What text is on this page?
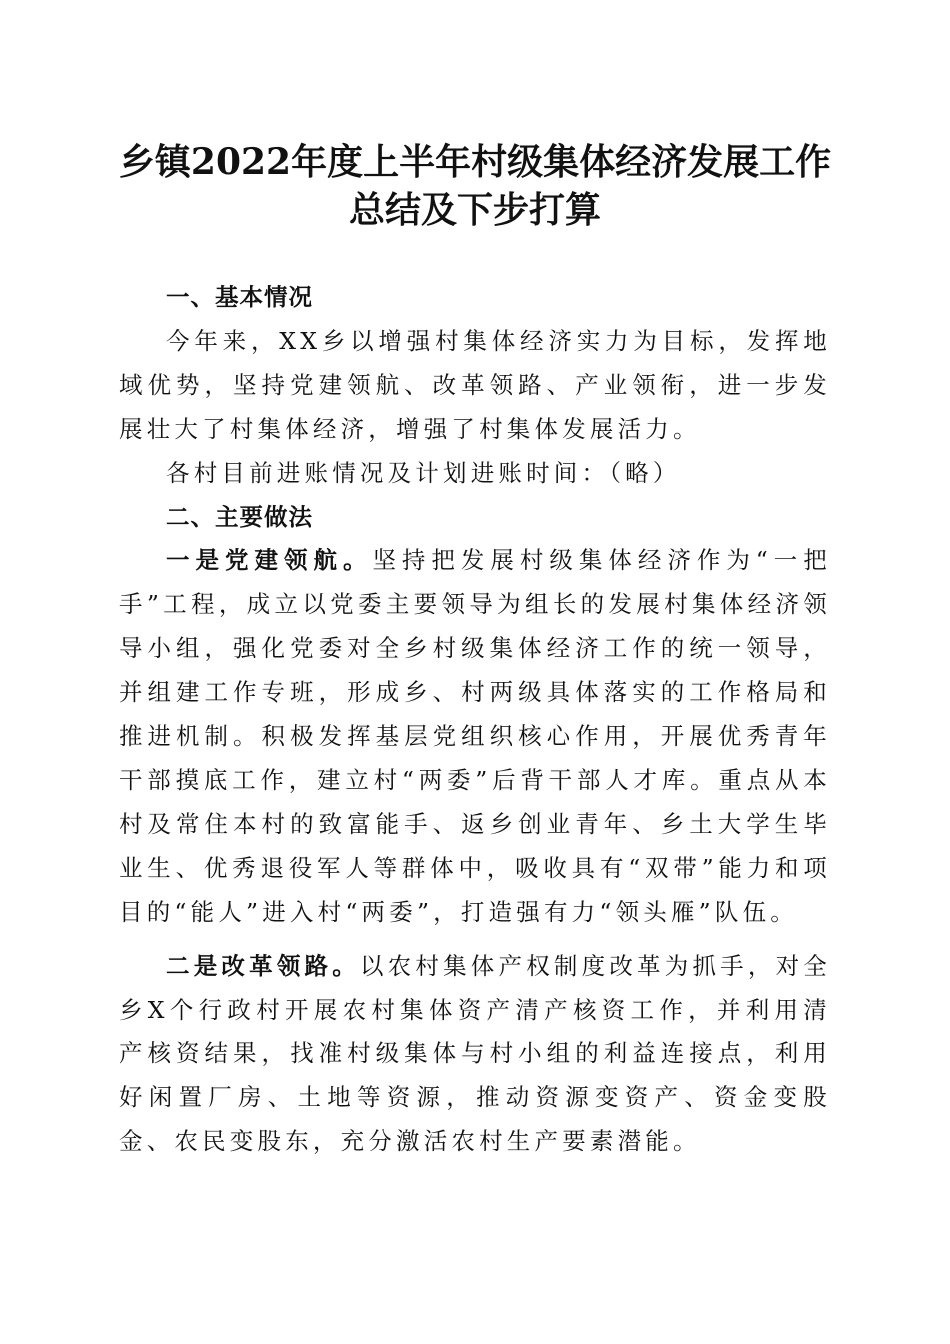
乡镇2022年度上半年村级集体经济发展工作
总结及下步打算

一、基本情况

今年来，XX乡以增强村集体经济实力为目标，发挥地域优势，坚持党建领航、改革领路、产业领衔，进一步发展壮大了村集体经济，增强了村集体发展活力。

各村目前进账情况及计划进账时间：（略）

二、主要做法

一是党建领航。坚持把发展村级集体经济作为“一把手”工程，成立以党委主要领导为组长的发展村集体经济领导小组，强化党委对全乡村级集体经济工作的统一领导，并组建工作专班，形成乡、村两级具体落实的工作格局和推进机制。积极发挥基层党组织核心作用，开展优秀青年干部摸底工作，建立村“两委”后背干部人才库。重点从本村及常住本村的致富能手、返乡创业青年、乡土大学生毕业生、优秀退役军人等群体中，吸收具有“双带”能力和项目的“能人”进入村“两委”，打造强有力“领头雁”队伍。

二是改革领路。以农村集体产权制度改革为抓手，对全乡X个行政村开展农村集体资产清产核资工作，并利用清产核资结果，找准村级集体与村小组的利益连接点，利用好闲置厂房、土地等资源，推动资源变资产、资金变股金、农民变股东，充分激活农村生产要素潜能。
